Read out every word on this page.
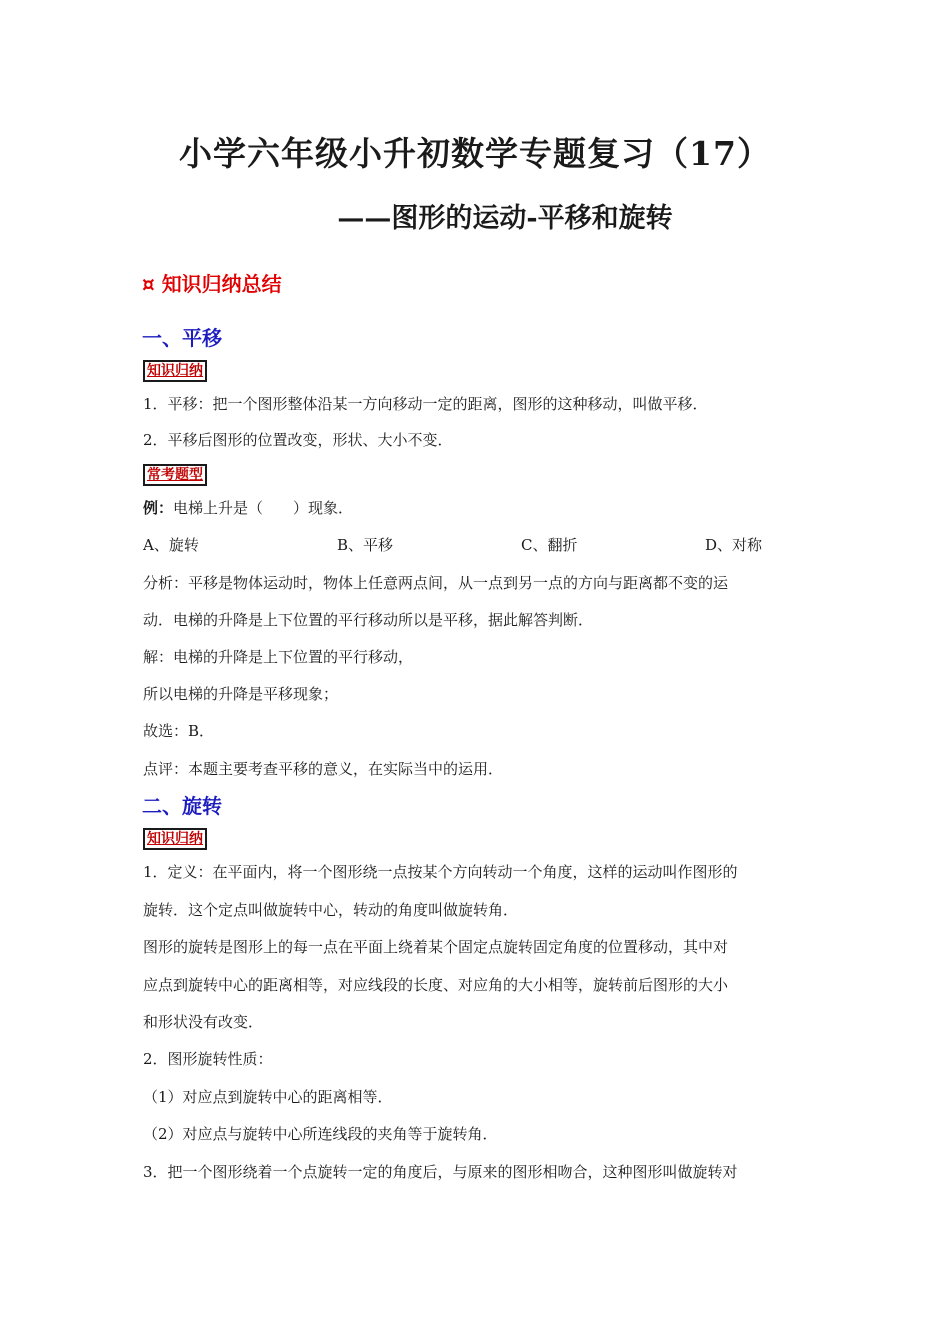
小学六年级小升初数学专题复习（17）
——图形的运动-平移和旋转
¤ 知识归纳总结
一、平移
知识归纳
1．平移：把一个图形整体沿某一方向移动一定的距离，图形的这种移动，叫做平移．
2．平移后图形的位置改变，形状、大小不变．
常考题型
例：电梯上升是（　　）现象．
A、旋转	B、平移	C、翻折	D、对称
分析：平移是物体运动时，物体上任意两点间，从一点到另一点的方向与距离都不变的运
动．电梯的升降是上下位置的平行移动所以是平移，据此解答判断．
解：电梯的升降是上下位置的平行移动，
所以电梯的升降是平移现象；
故选：B．
点评：本题主要考查平移的意义，在实际当中的运用．
二、旋转
知识归纳
1．定义：在平面内，将一个图形绕一点按某个方向转动一个角度，这样的运动叫作图形的
旋转．这个定点叫做旋转中心，转动的角度叫做旋转角．
图形的旋转是图形上的每一点在平面上绕着某个固定点旋转固定角度的位置移动，其中对
应点到旋转中心的距离相等，对应线段的长度、对应角的大小相等，旋转前后图形的大小
和形状没有改变．
2．图形旋转性质：
（1）对应点到旋转中心的距离相等．
（2）对应点与旋转中心所连线段的夹角等于旋转角．
3．把一个图形绕着一个点旋转一定的角度后，与原来的图形相吻合，这种图形叫做旋转对
